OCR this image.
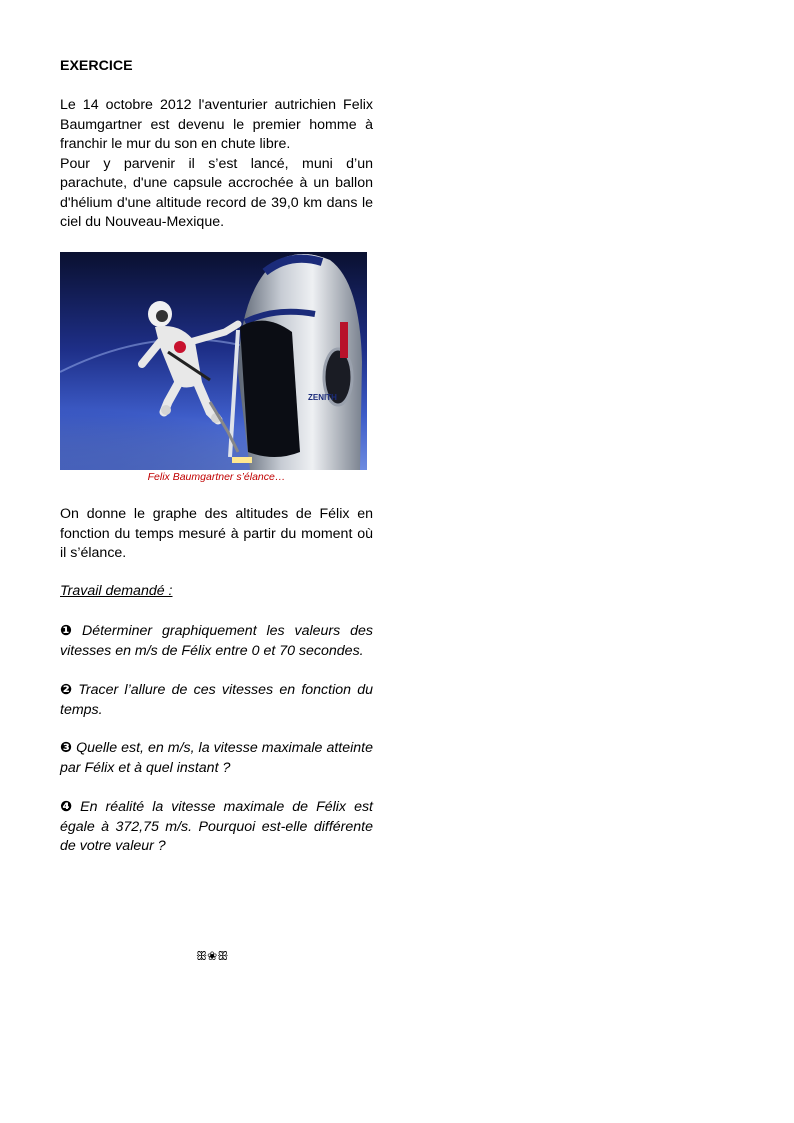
EXERCICE

Le 14 octobre 2012 l'aventurier autrichien Felix Baumgartner est devenu le premier homme à franchir le mur du son en chute libre.

Pour y parvenir il s’est lancé, muni d’un parachute, d'une capsule accrochée à un ballon d'hélium d'une altitude record de 39,0 km dans le ciel du Nouveau-Mexique.

ZENITH
Felix Baumgartner s’élance…
On donne le graphe des altitudes de Félix en fonction du temps mesuré à partir du moment où il s’élance.
Travail demandé :
❶ Déterminer graphiquement les valeurs des vitesses en m/s de Félix entre 0 et 70 secondes.
❷ Tracer l’allure de ces vitesses en fonction du temps.
❸ Quelle est, en m/s, la vitesse maximale atteinte par Félix et à quel instant ?
❹ En réalité la vitesse maximale de Félix est égale à 372,75 m/s. Pourquoi est-elle différente de votre valeur ?
ꕥ❀ꕥ
